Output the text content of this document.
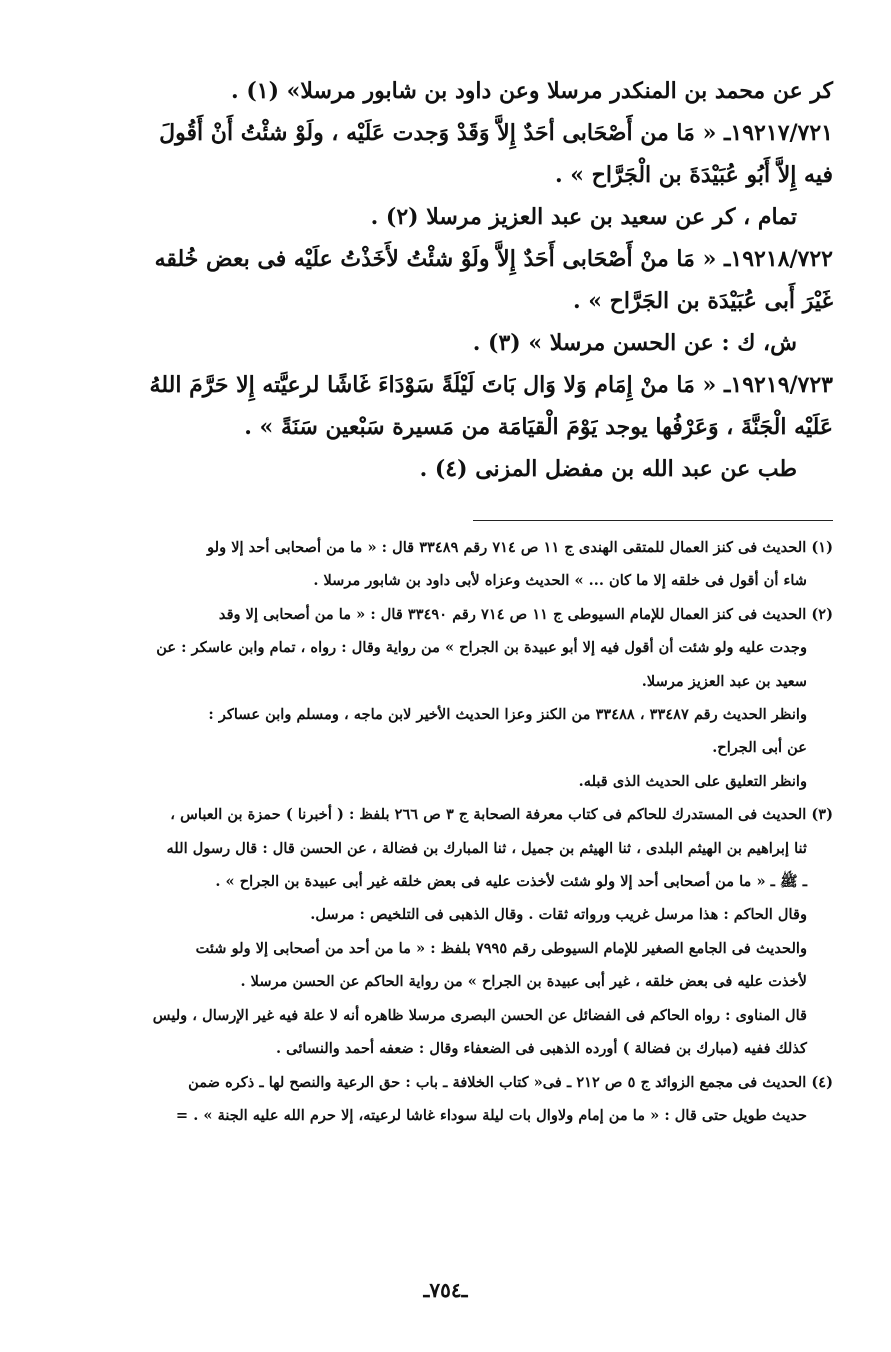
كر عن محمد بن المنكدر مرسلا وعن داود بن شابور مرسلا» (١) .

١٩٢١٧/٧٢١ـ « مَا من أَصْحَابى أحَدٌ إِلاَّ وَقَدْ وَجدت عَلَيْه ، ولَوْ شئْتُ أَنْ أَقُولَ

فيه إِلاَّ أَبُو عُبَيْدَةَ بن الْجَرَّاح » .

تمام ، كر عن سعيد بن عبد العزيز مرسلا (٢) .

١٩٢١٨/٧٢٢ـ « مَا منْ أَصْحَابى أَحَدٌ إِلاَّ ولَوْ شئْتُ لأَخَذْتُ علَيْه فى بعض خُلقه

غَيْرَ أَبى عُبَيْدَة بن الجَرَّاح » .

ش، ك : عن الحسن مرسلا » (٣) .

١٩٢١٩/٧٢٣ـ « مَا منْ إِمَام وَلا وَال بَاتَ لَيْلَةً سَوْدَاءَ غَاشًا لرعيَّته إِلا حَرَّمَ اللهُ

عَلَيْه الْجَنَّةَ ، وَعَرْفُها يوجد يَوْمَ الْقيَامَة من مَسيرة سَبْعين سَنَةً » .

طب عن عبد الله بن مفضل المزنى (٤) .

(١) الحديث فى كنز العمال للمتقى الهندى ج ١١ ص ٧١٤ رقم ٣٣٤٨٩ قال : « ما من أصحابى أحد إلا ولو

شاء أن أقول فى خلقه إلا ما كان ... » الحديث وعزاه لأبى داود بن شابور مرسلا .

(٢) الحديث فى كنز العمال للإمام السيوطى ج ١١ ص ٧١٤ رقم ٣٣٤٩٠ قال : « ما من أصحابى إلا وقد

وجدت عليه ولو شئت أن أقول فيه إلا أبو عبيدة بن الجراح » من رواية وقال : رواه ، تمام وابن عاسكر : عن

سعيد بن عبد العزيز مرسلا.

وانظر الحديث رقم ٣٣٤٨٧ ، ٣٣٤٨٨ من الكنز وعزا الحديث الأخير لابن ماجه ، ومسلم وابن عساكر :

عن أبى الجراح.

وانظر التعليق على الحديث الذى قبله.

(٣) الحديث فى المستدرك للحاكم فى كتاب معرفة الصحابة ج ٣ ص ٢٦٦ بلفظ : ( أخبرنا ) حمزة بن العباس ،

ثنا إبراهيم بن الهيثم البلدى ، ثنا الهيثم بن جميل ، ثنا المبارك بن فضالة ، عن الحسن قال : قال رسول الله

ـ ﷺ ـ « ما من أصحابى أحد إلا ولو شئت لأخذت عليه فى بعض خلقه غير أبى عبيدة بن الجراح » .

وقال الحاكم : هذا مرسل غريب ورواته ثقات . وقال الذهبى فى التلخيص : مرسل.

والحديث فى الجامع الصغير للإمام السيوطى رقم ٧٩٩٥ بلفظ : « ما من أحد من أصحابى إلا ولو شئت

لأخذت عليه فى بعض خلقه ، غير أبى عبيدة بن الجراح » من رواية الحاكم عن الحسن مرسلا .

قال المناوى : رواه الحاكم فى الفضائل عن الحسن البصرى مرسلا ظاهره أنه لا علة فيه غير الإرسال ، وليس

كذلك ففيه (مبارك بن فضالة ) أورده الذهبى فى الضعفاء وقال : ضعفه أحمد والنسائى .

(٤) الحديث فى مجمع الزوائد ج ٥ ص ٢١٢ ـ فى« كتاب الخلافة ـ باب : حق الرعية والنصح لها ـ ذكره ضمن

حديث طويل حتى قال : « ما من إمام ولاوال بات ليلة سوداء غاشا لرعيته، إلا حرم الله عليه الجنة » . =

ـ٧٥٤ـ
